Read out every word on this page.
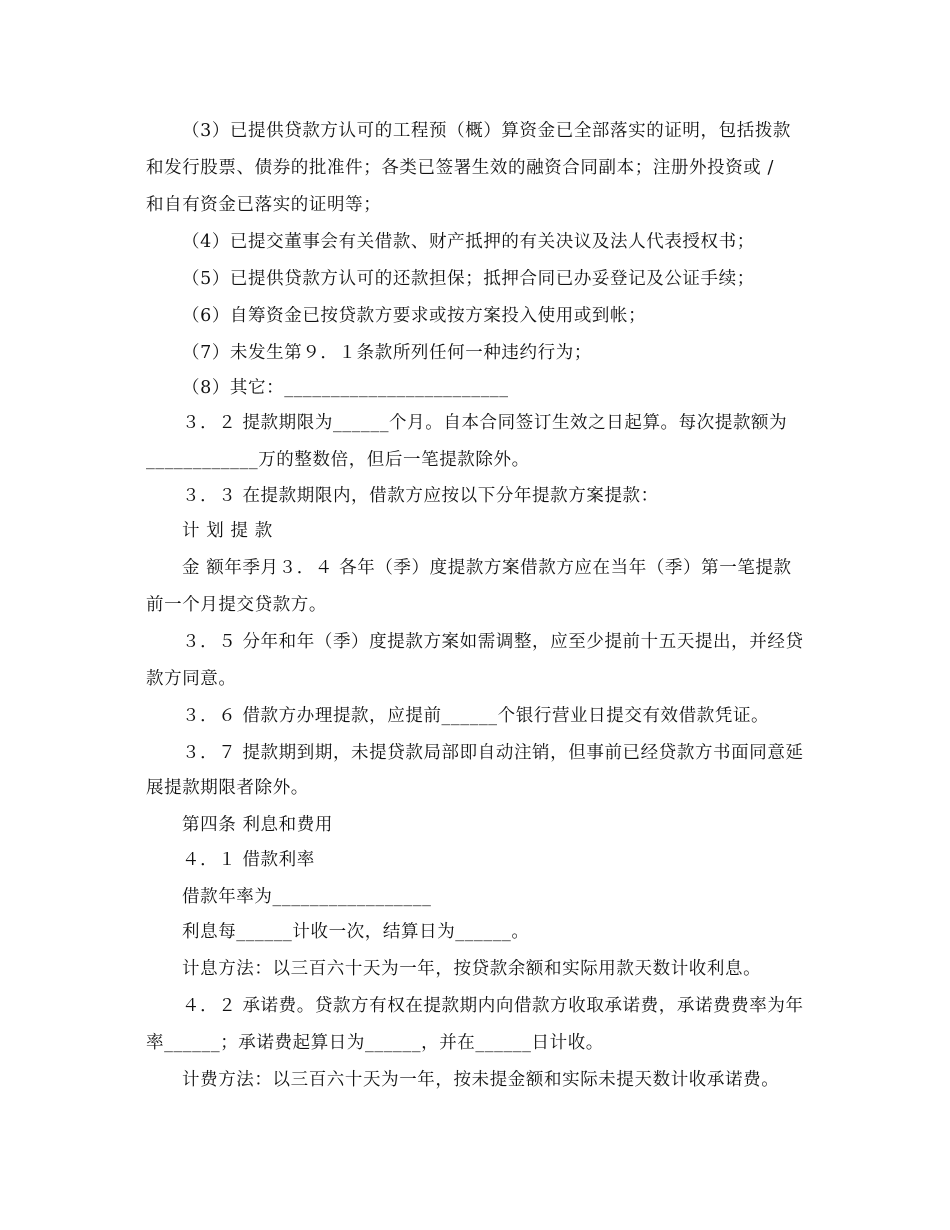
（3）已提供贷款方认可的工程预（概）算资金已全部落实的证明，包括拨款
和发行股票、债券的批准件；各类已签署生效的融资合同副本；注册外投资或 /
和自有资金已落实的证明等；
（4）已提交董事会有关借款、财产抵押的有关决议及法人代表授权书；
（5）已提供贷款方认可的还款担保；抵押合同已办妥登记及公证手续；
（6）自筹资金已按贷款方要求或按方案投入使用或到帐；
（7）未发生第９．１条款所列任何一种违约行为；
（8）其它：________________________
３．２ 提款期限为______个月。自本合同签订生效之日起算。每次提款额为
____________万的整数倍，但后一笔提款除外。
３．３ 在提款期限内，借款方应按以下分年提款方案提款：
计 划 提 款
金 额年季月３．４ 各年（季）度提款方案借款方应在当年（季）第一笔提款
前一个月提交贷款方。
３．５ 分年和年（季）度提款方案如需调整，应至少提前十五天提出，并经贷
款方同意。
３．６ 借款方办理提款，应提前______个银行营业日提交有效借款凭证。
３．７ 提款期到期，未提贷款局部即自动注销，但事前已经贷款方书面同意延
展提款期限者除外。
第四条 利息和费用
４．１ 借款利率
借款年率为_________________
利息每______计收一次，结算日为______。
计息方法：以三百六十天为一年，按贷款余额和实际用款天数计收利息。
４．２ 承诺费。贷款方有权在提款期内向借款方收取承诺费，承诺费费率为年
率______；承诺费起算日为______，并在______日计收。
计费方法：以三百六十天为一年，按未提金额和实际未提天数计收承诺费。
